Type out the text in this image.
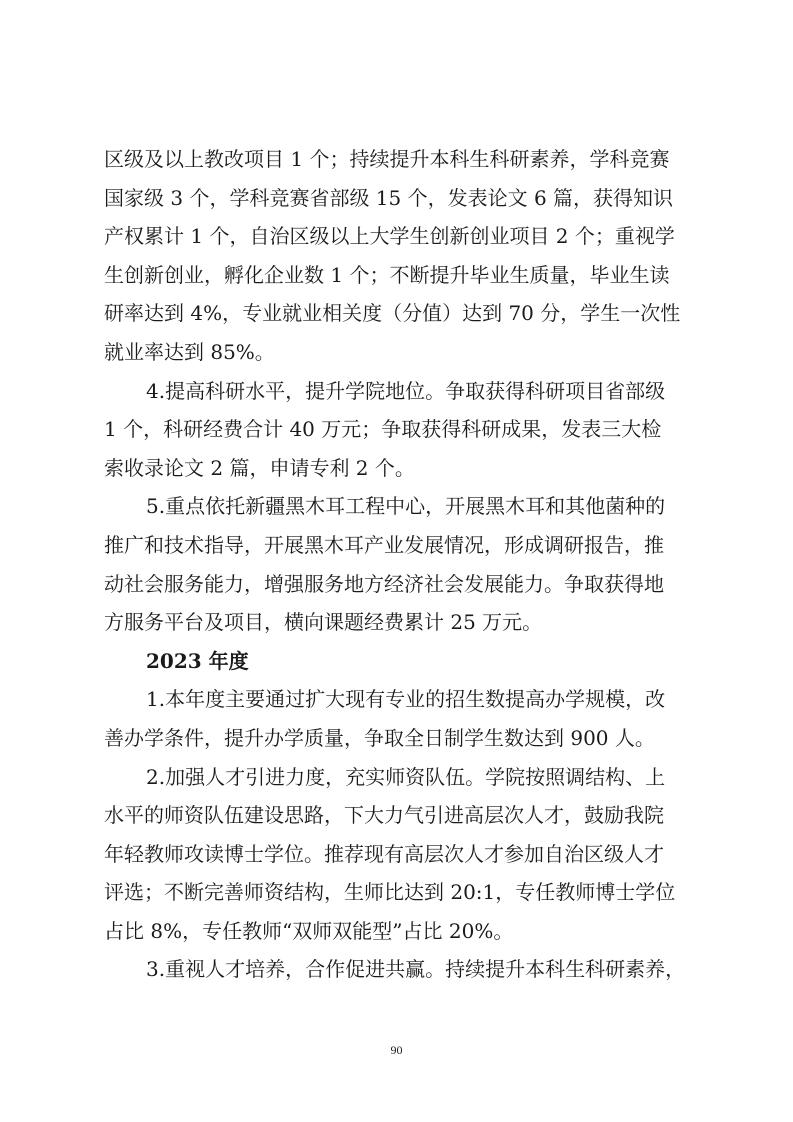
区级及以上教改项目 1 个；持续提升本科生科研素养，学科竞赛
国家级 3 个，学科竞赛省部级 15 个，发表论文 6 篇，获得知识
产权累计 1 个，自治区级以上大学生创新创业项目 2 个；重视学
生创新创业，孵化企业数 1 个；不断提升毕业生质量，毕业生读
研率达到 4%，专业就业相关度（分值）达到 70 分，学生一次性
就业率达到 85%。
4.提高科研水平，提升学院地位。争取获得科研项目省部级
1 个，科研经费合计 40 万元；争取获得科研成果，发表三大检
索收录论文 2 篇，申请专利 2 个。
5.重点依托新疆黑木耳工程中心，开展黑木耳和其他菌种的
推广和技术指导，开展黑木耳产业发展情况，形成调研报告，推
动社会服务能力，增强服务地方经济社会发展能力。争取获得地
方服务平台及项目，横向课题经费累计 25 万元。
2023 年度
1.本年度主要通过扩大现有专业的招生数提高办学规模，改
善办学条件，提升办学质量，争取全日制学生数达到 900 人。
2.加强人才引进力度，充实师资队伍。学院按照调结构、上
水平的师资队伍建设思路，下大力气引进高层次人才，鼓励我院
年轻教师攻读博士学位。推荐现有高层次人才参加自治区级人才
评选；不断完善师资结构，生师比达到 20:1，专任教师博士学位
占比 8%，专任教师“双师双能型”占比 20%。
3.重视人才培养，合作促进共赢。持续提升本科生科研素养，
90
